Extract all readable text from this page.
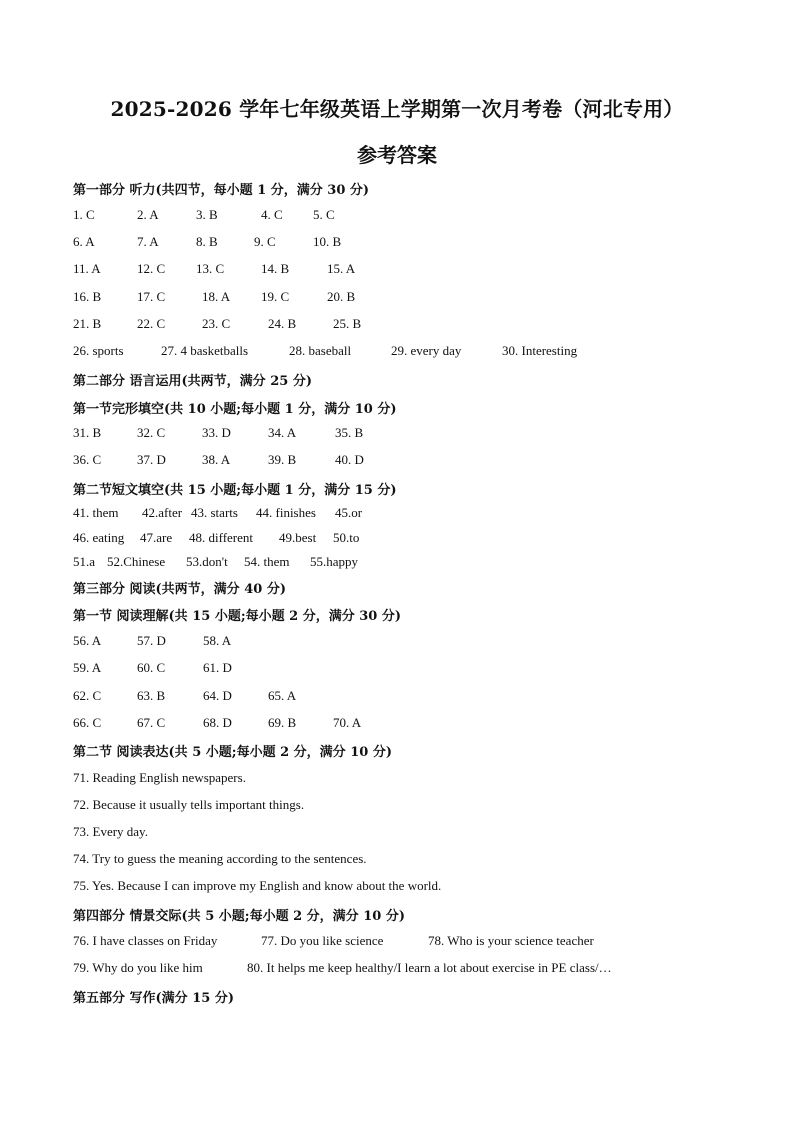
2025-2026 学年七年级英语上学期第一次月考卷（河北专用）
参考答案
第一部分 听力(共四节，每小题 1 分，满分 30 分)
1. C	2. A	3. B	4. C 5. C
6. A	7. A	8. B	9. C	10. B
11. A	12. C 13. C	14. B	15. A
16. B	17. C	18. A 19. C	20. B
21. B	22. C	23. C	24. B	25. B
26. sports	27. 4 basketballs	28. baseball	29. every day	30. Interesting
第二部分 语言运用(共两节，满分 25 分)
第一节完形填空(共 10 小题;每小题 1 分，满分 10 分)
31. B	32. C	33. D	34. A	35. B
36. C	37. D	38. A	39. B	40. D
第二节短文填空(共 15 小题;每小题 1 分，满分 15 分)
41. them 42.after 43. starts 44. finishes 45.or
46. eating 47.are 48. different 49.best 50.to
51.a 52.Chinese 53.don't 54. them 55.happy
第三部分 阅读(共两节，满分 40 分)
第一节 阅读理解(共 15 小题;每小题 2 分，满分 30 分)
56. A	57. D	58. A
59. A	60. C	61. D
62. C	63. B	64. D	65. A
66. C	67. C	68. D	69. B	70. A
第二节 阅读表达(共 5 小题;每小题 2 分，满分 10 分)
71. Reading English newspapers.
72. Because it usually tells important things.
73. Every day.
74. Try to guess the meaning according to the sentences.
75. Yes. Because I can improve my English and know about the world.
第四部分 情景交际(共 5 小题;每小题 2 分，满分 10 分)
76. I have classes on Friday	77. Do you like science	78. Who is your science teacher
79. Why do you like him	80. It helps me keep healthy/I learn a lot about exercise in PE class/…
第五部分 写作(满分 15 分)
